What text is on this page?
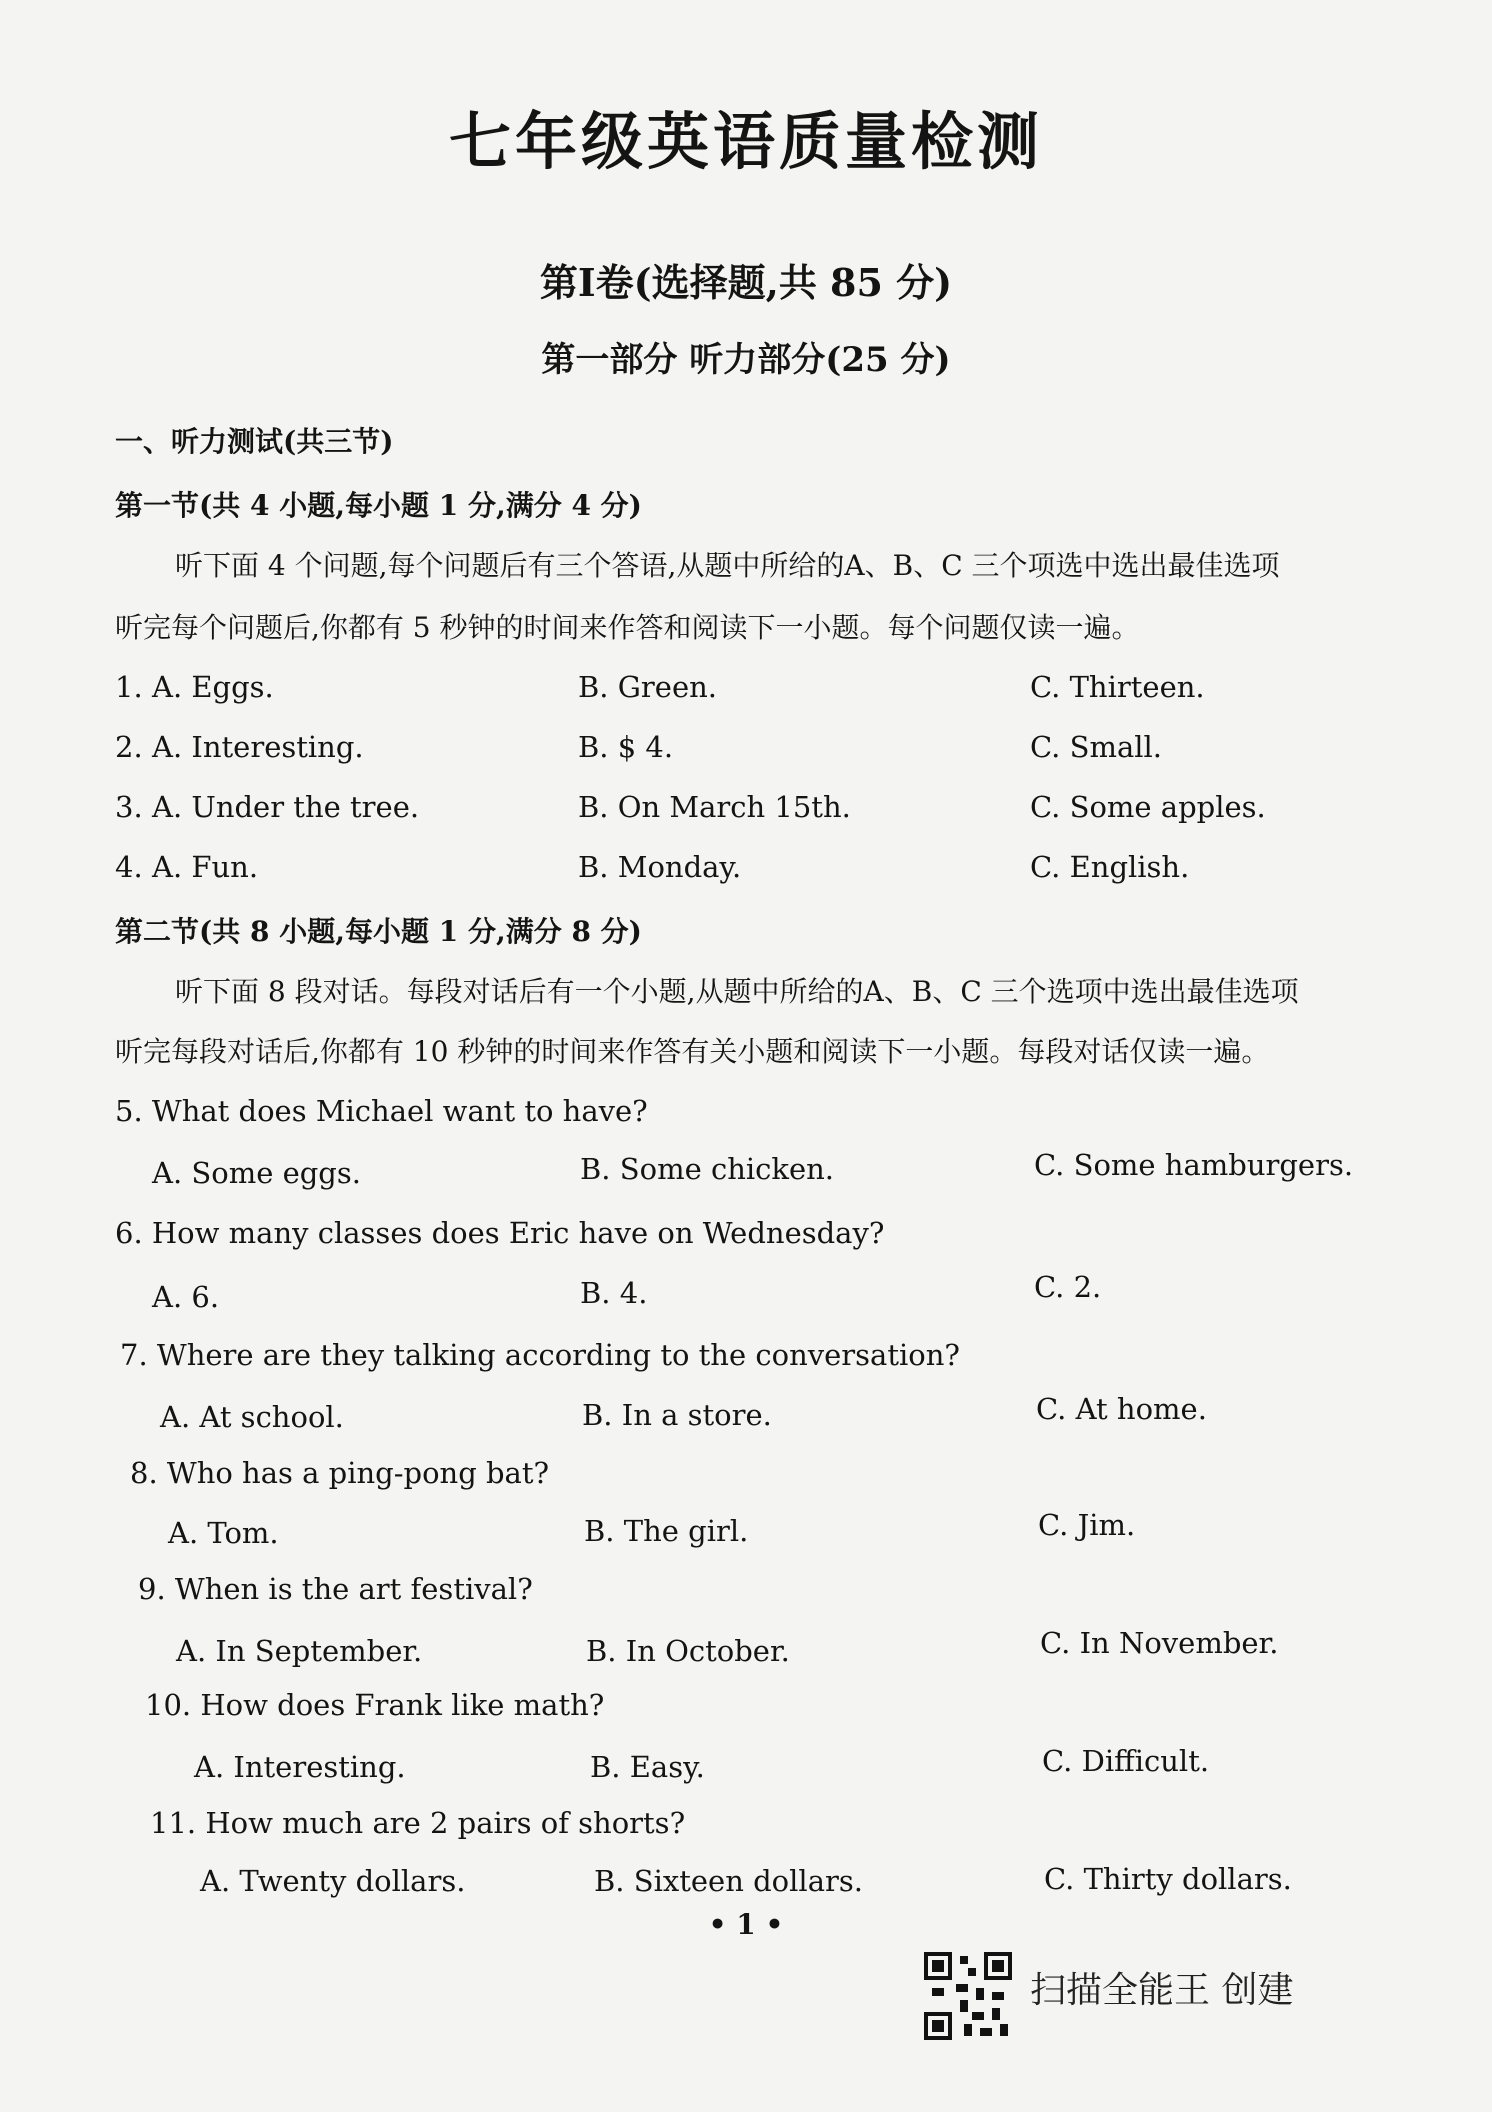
七年级英语质量检测
第Ⅰ卷(选择题,共 85 分)
第一部分 听力部分(25 分)
一、听力测试(共三节)
第一节(共 4 小题,每小题 1 分,满分 4 分)
听下面 4 个问题,每个问题后有三个答语,从题中所给的A、B、C 三个项选中选出最佳选项
听完每个问题后,你都有 5 秒钟的时间来作答和阅读下一小题。每个问题仅读一遍。
1. A. Eggs.	B. Green.	C. Thirteen.
2. A. Interesting.	B. $ 4.	C. Small.
3. A. Under the tree.	B. On March 15th.	C. Some apples.
4. A. Fun.	B. Monday.	C. English.
第二节(共 8 小题,每小题 1 分,满分 8 分)
听下面 8 段对话。每段对话后有一个小题,从题中所给的A、B、C 三个选项中选出最佳选项
听完每段对话后,你都有 10 秒钟的时间来作答有关小题和阅读下一小题。每段对话仅读一遍。
5. What does Michael want to have?
A. Some eggs.	B. Some chicken.	C. Some hamburgers.
6. How many classes does Eric have on Wednesday?
A. 6.	B. 4.	C. 2.
7. Where are they talking according to the conversation?
A. At school.	B. In a store.	C. At home.
8. Who has a ping-pong bat?
A. Tom.	B. The girl.	C. Jim.
9. When is the art festival?
A. In September.	B. In October.	C. In November.
10. How does Frank like math?
A. Interesting.	B. Easy.	C. Difficult.
11. How much are 2 pairs of shorts?
A. Twenty dollars.	B. Sixteen dollars.	C. Thirty dollars.
• 1 •
扫描全能王 创建
